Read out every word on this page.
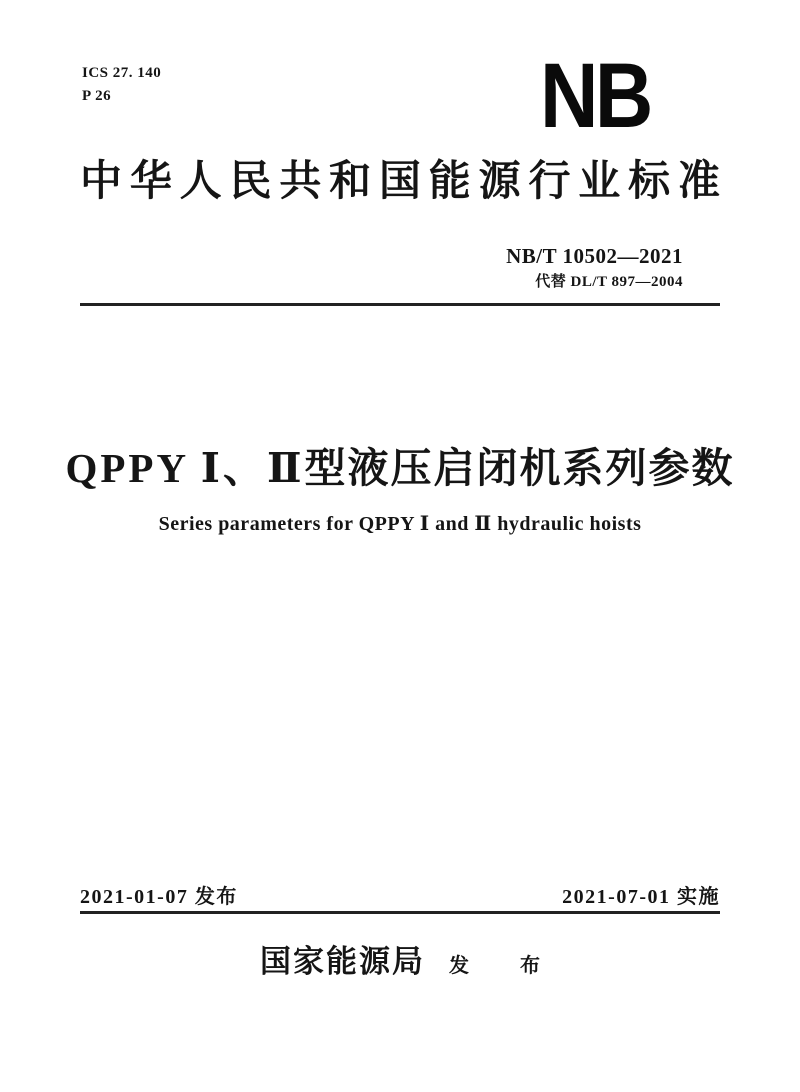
ICS 27. 140
P 26	NB
中 华 人 民 共 和 国 能 源 行 业 标 准
NB/T 10502—2021
代替 DL/T 897—2004
QPPY Ⅰ、Ⅱ型液压启闭机系列参数
Series parameters for QPPY Ⅰ and Ⅱ hydraulic hoists
2021-01-07 发布	2021-07-01 实施
国家能源局 发 布
